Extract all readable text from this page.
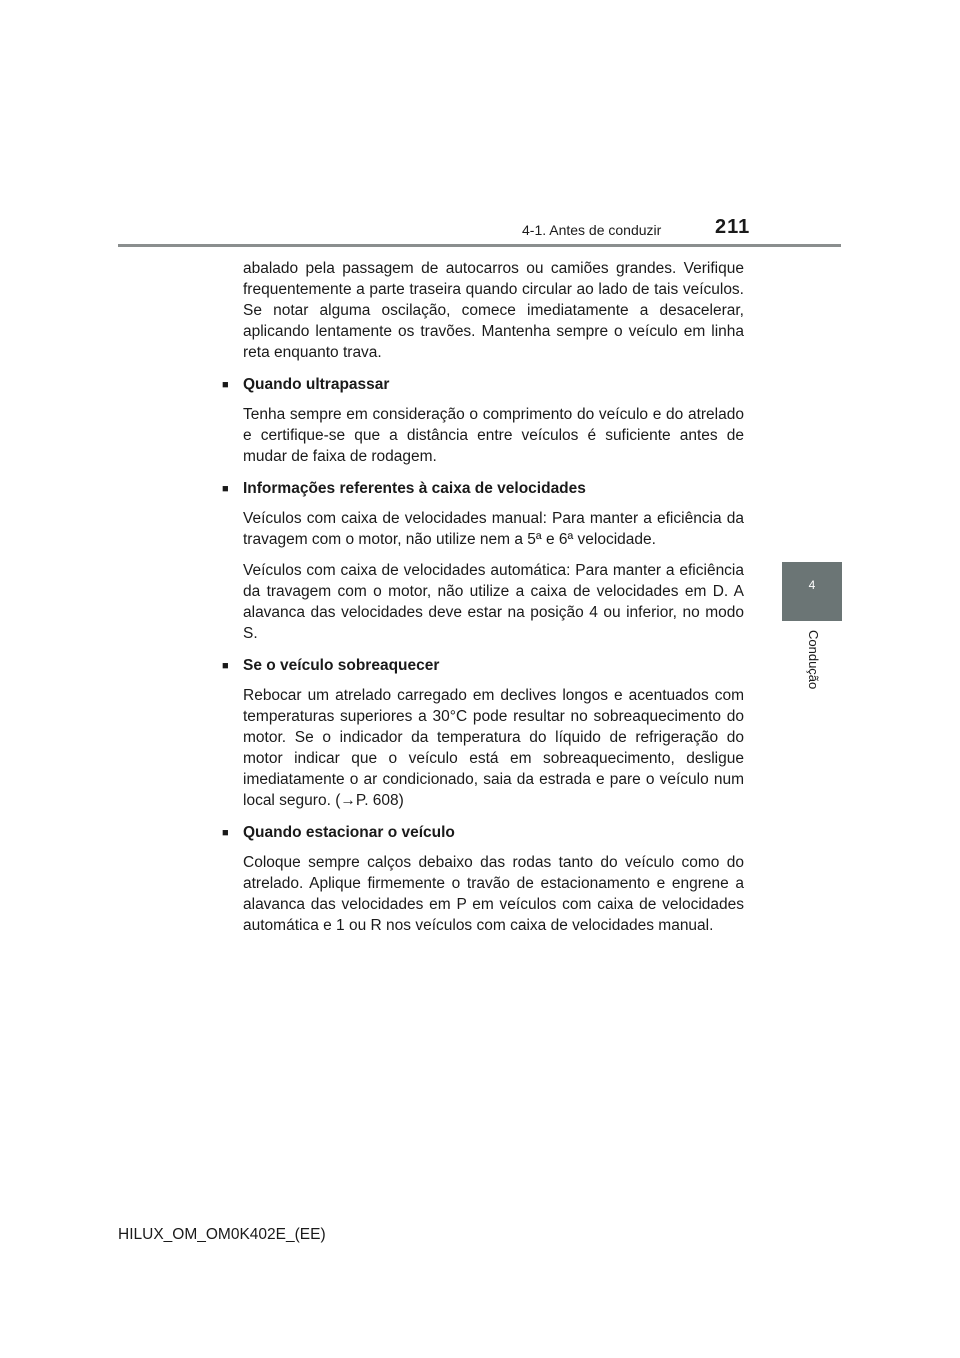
4-1. Antes de conduzir	211
4
Condução

abalado pela passagem de autocarros ou camiões grandes. Verifique frequentemente a parte traseira quando circular ao lado de tais veículos. Se notar alguma oscilação, comece imediatamente a desacelerar, aplicando lentamente os travões. Mantenha sempre o veículo em linha reta enquanto trava.

■ Quando ultrapassar

Tenha sempre em consideração o comprimento do veículo e do atrelado e certifique-se que a distância entre veículos é suficiente antes de mudar de faixa de rodagem.

■ Informações referentes à caixa de velocidades

Veículos com caixa de velocidades manual: Para manter a eficiência da travagem com o motor, não utilize nem a 5ª e 6ª velocidade.

Veículos com caixa de velocidades automática: Para manter a eficiência da travagem com o motor, não utilize a caixa de velocidades em D. A alavanca das velocidades deve estar na posição 4 ou inferior, no modo S.

■ Se o veículo sobreaquecer

Rebocar um atrelado carregado em declives longos e acentuados com temperaturas superiores a 30°C pode resultar no sobreaquecimento do motor. Se o indicador da temperatura do líquido de refrigeração do motor indicar que o veículo está em sobreaquecimento, desligue imediatamente o ar condicionado, saia da estrada e pare o veículo num local seguro. (→P. 608)

■ Quando estacionar o veículo

Coloque sempre calços debaixo das rodas tanto do veículo como do atrelado. Aplique firmemente o travão de estacionamento e engrene a alavanca das velocidades em P em veículos com caixa de velocidades automática e 1 ou R nos veículos com caixa de velocidades manual.

HILUX_OM_OM0K402E_(EE)
